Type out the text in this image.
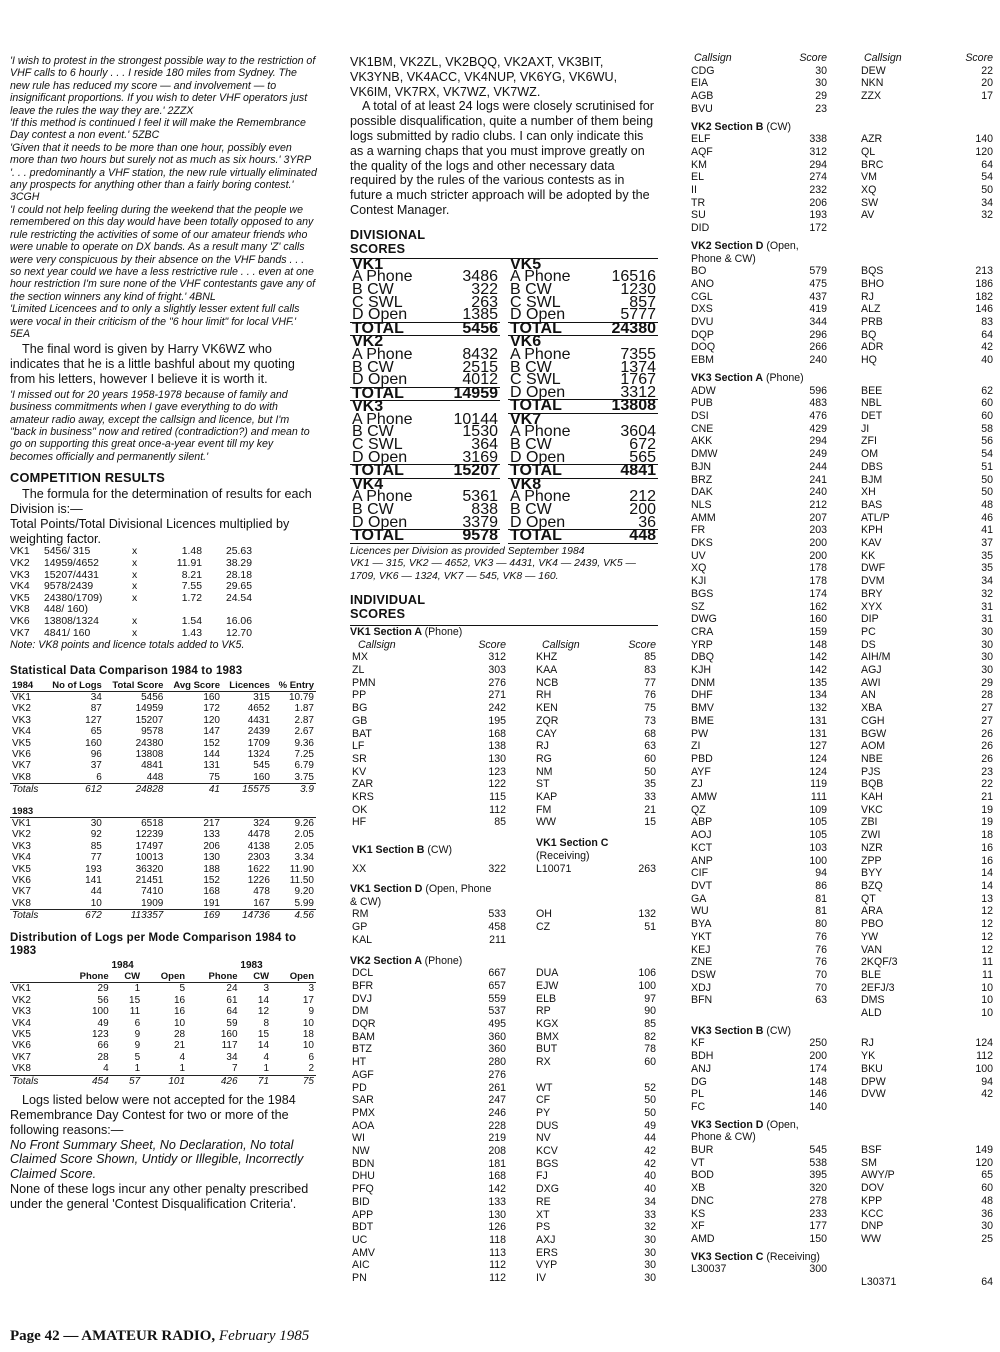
'I wish to protest in the strongest possible way to the restriction of VHF calls to 6 hourly . . . I reside 180 miles from Sydney. The new rule has reduced my score — and involvement — to insignificant proportions. If you wish to deter VHF operators just leave the rules the way they are.' 2ZZX

'If this method is continued I feel it will make the Remembrance Day contest a non event.' 5ZBC

'Given that it needs to be more than one hour, possibly even more than two hours but surely not as much as six hours.' 3YRP

'. . . predominantly a VHF station, the new rule virtually eliminated any prospects for anything other than a fairly boring contest.' 3CGH

'I could not help feeling during the weekend that the people we remembered on this day would have been totally opposed to any rule restricting the activities of some of our amateur friends who were unable to operate on DX bands. As a result many 'Z' calls were very conspicuous by their absence on the VHF bands . . . so next year could we have a less restrictive rule . . . even at one hour restriction I'm sure none of the VHF contestants gave any of the section winners any kind of fright.' 4BNL

'Limited Licencees and to only a slightly lesser extent full calls were vocal in their criticism of the "6 hour limit" for local VHF.' 5EA

The final word is given by Harry VK6WZ who indicates that he is a little bashful about my quoting from his letters, however I believe it is worth it.

'I missed out for 20 years 1958-1978 because of family and business commitments when I gave everything to do with amateur radio away, except the callsign and licence, but I'm "back in business" now and retired (contradiction?) and mean to go on supporting this great once-a-year event till my key becomes officially and permanently silent.'

COMPETITION RESULTS

The formula for the determination of results for each Division is:—

Total Points/Total Divisional Licences multiplied by weighting factor.

VK1	5456/ 315	x	1.48	25.63
VK2	14959/4652	x	11.91	38.29
VK3	15207/4431	x	8.21	28.18
VK4	9578/2439	x	7.55	29.65
VK5	24380/1709)	x	1.72	24.54
VK8	448/ 160)			
VK6	13808/1324	x	1.54	16.06
VK7	4841/ 160	x	1.43	12.70

Note: VK8 points and licence totals added to VK5.

Statistical Data Comparison 1984 to 1983
1984	No of Logs	Total Score	Avg Score	Licences	% Entry
VK1	34	5456	160	315	10.79
VK2	87	14959	172	4652	1.87
VK3	127	15207	120	4431	2.87
VK4	65	9578	147	2439	2.67
VK5	160	24380	152	1709	9.36
VK6	96	13808	144	1324	7.25
VK7	37	4841	131	545	6.79
VK8	6	448	75	160	3.75
Totals	612	24828	41	15575	3.9
1983					
VK1	30	6518	217	324	9.26
VK2	92	12239	133	4478	2.05
VK3	85	17497	206	4138	2.05
VK4	77	10013	130	2303	3.34
VK5	193	36320	188	1622	11.90
VK6	141	21451	152	1226	11.50
VK7	44	7410	168	478	9.20
VK8	10	1909	191	167	5.99
Totals	672	113357	169	14736	4.56
Distribution of Logs per Mode Comparison 1984 to 1983
	1984			1983		
	Phone	CW	Open	Phone	CW	Open
VK1	29	1	5	24	3	3
VK2	56	15	16	61	14	17
VK3	100	11	16	64	12	9
VK4	49	6	10	59	8	10
VK5	123	9	28	160	15	18
VK6	66	9	21	117	14	10
VK7	28	5	4	34	4	6
VK8	4	1	1	7	1	2
Totals	454	57	101	426	71	75

Logs listed below were not accepted for the 1984 Remembrance Day Contest for two or more of the following reasons:—

No Front Summary Sheet, No Declaration, No total Claimed Score Shown, Untidy or Illegible, Incorrectly Claimed Score.

None of these logs incur any other penalty prescribed under the general 'Contest Disqualification Criteria'.

VK1BM, VK2ZL, VK2BQQ, VK2AXT, VK3BIT, VK3YNB, VK4ACC, VK4NUP, VK6YG, VK6WU, VK6IM, VK7RX, VK7WZ, VK7WZ.

A total of at least 24 logs were closely scrutinised for possible disqualification, quite a number of them being logs submitted by radio clubs. I can only indicate this as a warning chaps that you must improve greatly on the quality of the logs and other necessary data required by the rules of the various contests as in future a much stricter approach will be adopted by the Contest Manager.

DIVISIONAL
SCORES
VK1	
A Phone	3486
B CW	322
C SWL	263
D Open	1385
TOTAL	5456
VK2	
A Phone	8432
B CW	2515
D Open	4012
TOTAL	14959
VK3	
A Phone	10144
B CW	1530
C SWL	364
D Open	3169
TOTAL	15207
VK4	
A Phone	5361
B CW	838
D Open	3379
TOTAL	9578
VK5	
A Phone	16516
B CW	1230
C SWL	857
D Open	5777
TOTAL	24380
VK6	
A Phone	7355
B CW	1374
C SWL	1767
D Open	3312
TOTAL	13808
VK7	
A Phone	3604
B CW	672
D Open	565
TOTAL	4841
VK8	
A Phone	212
B CW	200
D Open	36
TOTAL	448

Licences per Division as provided September 1984

VK1 — 315, VK2 — 4652, VK3 — 4431, VK4 — 2439, VK5 — 1709, VK6 — 1324, VK7 — 545, VK8 — 160.

INDIVIDUAL
SCORES
VK1 Section A (Phone)
Callsign	Score	Callsign	Score
MX	312	KHZ	85
ZL	303	KAA	83
PMN	276	NCB	77
PP	271	RH	76
BG	242	KEN	75
GB	195	ZQR	73
BAT	168	CAY	68
LF	138	RJ	63
SR	130	RG	60
KV	123	NM	50
ZAR	122	ST	35
KRS	115	KAP	33
OK	112	FM	21
HF	85	WW	15
VK1 Section B (CW)		VK1 Section C (Receiving)	
XX	322	L10071	263
VK1 Section D (Open, Phone & CW)
RM	533	OH	132
GP	458	CZ	51
KAL	211		
VK2 Section A (Phone)
DCL	667	DUA	106
BFR	657	EJW	100
DVJ	559	ELB	97
DM	537	RP	90
DQR	495	KGX	85
BAM	360	BMX	82
BTZ	360	BUT	78
HT	280	RX	60
AGF	276		
PD	261	WT	52
SAR	247	CF	50
PMX	246	PY	50
AOA	228	DUS	49
WI	219	NV	44
NW	208	KCV	42
BDN	181	BGS	42
DHU	168	FJ	40
PFQ	142	DXG	40
BID	133	RE	34
APP	130	XT	33
BDT	126	PS	32
UC	118	AXJ	30
AMV	113	ERS	30
AIC	112	VYP	30
PN	112	IV	30
Callsign	Score
CDG	30
EIA	30
AGB	29
BVU	23
VK2 Section B (CW)	
ELF	338
AQF	312
KM	294
EL	274
II	232
TR	206
SU	193
DID	172
VK2 Section D (Open, Phone & CW)	
BO	579
ANO	475
CGL	437
DXS	419
DVU	344
DQP	296
DOQ	266
EBM	240
VK3 Section A (Phone)	
ADW	596
PUB	483
DSI	476
CNE	429
AKK	294
DMW	249
BJN	244
BRZ	241
DAK	240
NLS	212
AMM	207
FR	203
DKS	200
UV	200
XQ	178
KJI	178
BGS	174
SZ	162
DWG	160
CRA	159
YRP	148
DBQ	142
KJH	142
DNM	135
DHF	134
BMV	132
BME	131
PW	131
ZI	127
PBD	124
AYF	124
ZJ	119
AMW	111
QZ	109
ABP	105
AOJ	105
KCT	103
ANP	100
CIF	94
DVT	86
GA	81
WU	81
BYA	80
YKT	76
KEJ	76
ZNE	76
DSW	70
XDJ	70
BFN	63

VK3 Section B (CW)	
KF	250
BDH	200
ANJ	174
DG	148
PL	146
FC	140
VK3 Section D (Open, Phone & CW)	
BUR	545
VT	538
BOD	395
XB	320
DNC	278
KS	233
XF	177
AMD	150
VK3 Section C (Receiving)	
L30037	300
Callsign	Score
DEW	22
NKN	20
ZZX	17

AZR	140
QL	120
BRC	64
VM	54
XQ	50
SW	34
AV	32

BQS	213
BHO	186
RJ	182
ALZ	146
PRB	83
BQ	64
ADR	42
HQ	40

BEE	62
NBL	60
DET	60
JI	58
ZFI	56
OM	54
DBS	51
BJM	50
XH	50
BAS	48
ATL/P	46
KPH	41
KAV	37
KK	35
DWF	35
DVM	34
BRY	32
XYX	31
DIP	31
PC	30
DS	30
AIH/M	30
AGJ	30
AWI	29
AN	28
XBA	27
CGH	27
BGW	26
AOM	26
NBE	26
PJS	23
BQB	22
KAH	21
VKC	19
ZBI	19
ZWI	18
NZR	16
ZPP	16
BYY	14
BZQ	14
QT	13
ARA	12
PBO	12
YW	12
VAN	12
2KQF/3	11
BLE	11
2EFJ/3	10
DMS	10
ALD	10

RJ	124
YK	112
BKU	100
DPW	94
DVW	42

BSF	149
SM	120
AWY/P	65
DOV	60
KPP	48
KCC	36
DNP	30
WW	25

L30371	64
Page 42 — AMATEUR RADIO, February 1985
